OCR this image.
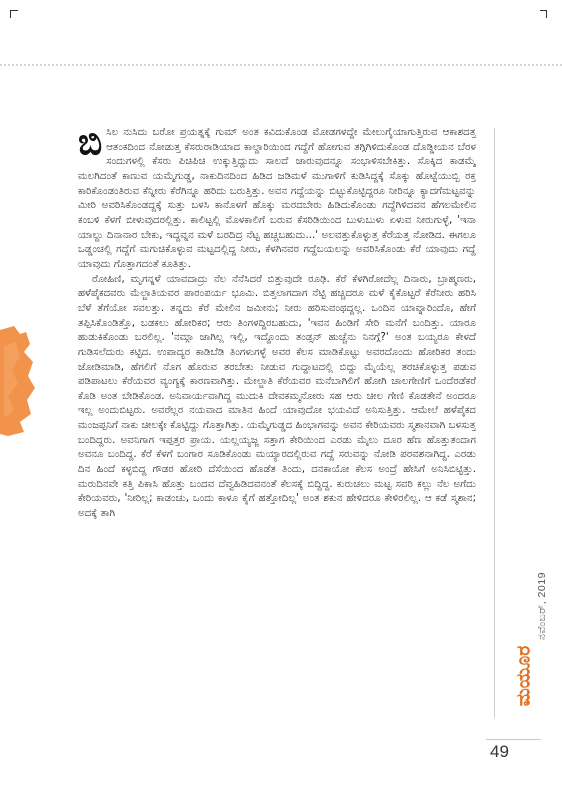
ಬಿಸಿಲ ನುಸಿದು ಬರೋ ಪ್ರಯತ್ನಕ್ಕೆ ಗುಮ್ ಅಂತ ಕವಿದುಕೊಂಡ ಮೋಡಗಳದ್ದೇ ಮೇಲುಗೈಯಾಗುತ್ತಿರುವ ಆಕಾಶದತ್ತ ಆತಂಕದಿಂದ ನೋಡುತ್ತ ಕೆಸರುರಾಡಿಯಾದ ಕಾಲ್ದಾರಿಯಿಂದ ಗದ್ದೆಗೆ ಹೋಗುವ ತಗ್ಗಿಗಿಳಿದುಕೊಂಡ ದೊಡ್ಡೀಯನ ಬೆರಳ ಸಂದುಗಳಲ್ಲಿ ಕೆಸರು ಪಿಚಿಪಿಚಿ ಉಕ್ಕುತ್ತಿದ್ದುದು ಸಾಲದೆ ಜಾರುವುದನ್ನೂ ಸಂಭಾಳಿಸಬೇಕಿತ್ತು. ಸೊಕ್ಕಿದ ಕಾಡಮ್ಮೆ ಮಲಗಿದಂತೆ ಕಾಣುವ ಯಮ್ಮೆಗುಡ್ಡ, ನಾಕುದಿನದಿಂದ ಹಿಡಿದ ಜಡಿಮಳೆ ಮುಗಾಳಿಗೆ ಕುಡಿಸಿದ್ದಕ್ಕೆ ಸೊಕ್ಕು ಹೊಟ್ಟೆಯುಬ್ಬಿ ರಕ್ತ ಕಾರಿಕೊಂಡಂತಿರುವ ಕೆನ್ನೀರು ಕೆರೆಗಿನ್ನೂ ಹರಿದು ಬರುತ್ತಿತ್ತು. ಅವನ ಗದ್ದೆಯನ್ನು ಬಿಟ್ಟುಕೊಟ್ಟಿದ್ದರೂ ನೀರಿನ್ನೂ ಕ್ಯಾದಗೆಮಟ್ಟವನ್ನು ಮೀರಿ ಅವರಿಸಿಕೊಂಡದ್ದಕ್ಕೆ ಸುತ್ತು ಬಳಸಿ ಕಾನೊಳಗೆ ಹೊಕ್ಕು ಮರದಬೇರು ಹಿಡಿದುಕೊಂಡು ಗದ್ದೆಗಿಳಿದವನ ಹೆಗಲಮೇಲಿನ ಕಂಬಳಿ ಕೆಳಗೆ ಬೀಳುವುದರಲ್ಲಿತ್ತು. ಕಾಲಿಟ್ಟಲ್ಲಿ ಮೊಳಕಾಲಿಗೆ ಬರುವ ಕೆಸರಿಡಿಯಿಂದ ಬುಳುಬುಳು ಏಳುವ ನೀರುಗುಳ್ಳೆ, 'ಇನಾ ಯಾಲ್ದು ದಿನಾನಾರ ಬೇಕು, ಇದ್ದವ್ನನ ಮಳೆ ಬರದಿದ್ರ ನೆಟ್ಟ ಹಚ್ಚಬಹುದು...' ಅಲವತ್ತುಕೊಳ್ಳುತ್ತ ಕೆರೆಯತ್ತ ನೋಡಿದ. ಈಗಲೂ ಒಡ್ಡಂಚಲ್ಲಿ ಗದ್ದೆಗೆ ಮಗುಚಿಕೊಳ್ಳುವ ಮಟ್ಟದಲ್ಲಿದ್ದ ನೀರು, ಕೆಳಗಿನವರ ಗದ್ದೆಬಯಲನ್ನು ಅವರಿಸಿಕೊಂಡು ಕೆರೆ ಯಾವುದು ಗದ್ದೆ ಯಾವುದು ಗೊತ್ತಾಗದಂತೆ ಕೂತಿತ್ತು.

ರೋಹಿಣಿ, ಮೃಗನ್ನಳೆ ಯಾವದಾದ್ರು ನೆಲ ನೆನೆಸಿದರೆ ಬಿತ್ತುವುದೇ ರೂಢಿ. ಕೆರೆ ಕೆಳಗಿರೋದೆಲ್ಲ ದಿನಾರು, ಬ್ರಾಹ್ಮಣರು, ಹಳೆಪೈಕದವರು ಮೆಲ್ಜಾತಿಯವರ ಪಾರಂಪರ್ಯ ಭೂಮಿ. ಬಿತ್ತಲಾಗದಾಗ ನೆಟ್ಟಿ ಹಚ್ಚಿದರೂ ಮಳೆ ಕೈಕೊಟ್ಟರೆ ಕೆರೆನೀರು ಹರಿಸಿ ಬೆಳೆ ತೆಗೆಯೋ ಸವಲತ್ತು. ತನ್ನದು ಕೆರೆ ಮೇಲಿನ ಜಮೀನು; ನೀರು ಹರಿಸುವಂಥದ್ದಲ್ಲ. ಒಂದಿನ ಯಾವ್ನಾರಿಂದೊ, ಹೇಗೆ ತಪ್ಪಿಸಿಕೊಂಡಿತ್ತೊ, ಬಡಕಲು ಹೋರಿಕರ; ಆರು ತಿಂಗಳದ್ದಿರಬಹುದು, 'ಇವನ ಹಿಂಡಿಗೆ ಸೇರಿ ಮನೆಗೆ ಬಂದಿತ್ತು. ಯಾರೂ ಹುಡುಕಿಕೊಂಡು ಬರಲಿಲ್ಲ. 'ನಮ್ಗಾ ಜಾಗಿಲ್ಲ ಇಲ್ಲಿ, ಇದ್ದೊಂದು ತಂಡ್ಸನ್ ಹುಚ್ಚೆನು ನಿನಗ್ಗೆ?' ಅಂತ ಬಯ್ಯರೂ ಕೇಳದೆ ಗುಡಿಸಲೆದುರು ಕಟ್ಟಿದ. ಉಪಾದ್ಯರ ಕಾಡಿಬೆಡಿ ತಿಂಗಳುಗಳ್ಳೆ ಅವರ ಕೆಲಸ ಮಾಡಿಕೊಟ್ಟು ಅವರದೊಂದು ಹೋರಿಕರ ತಂದು ಜೋಡಿಮಾಡಿ, ಹೆಗಲಿಗೆ ನೊಗ ಹೊರುವ ತರಬೇತು ನೀಡುವ ಗುದ್ದಾಟದಲ್ಲಿ ಬಿದ್ದು ಮೈಯೆಲ್ಲ ತರಚಿಕೊಳ್ಳುತ್ತ ಪಡುವ ಪಡಿಪಾಟಲು ಕೆರೆಯವರ ವ್ಯಂಗ್ಯಕ್ಕೆ ಕಾರಣವಾಗಿತ್ತು. ಮೇಲ್ಜಾತಿ ಕೆರೆಯವರ ಮನೆಬಾಗಿಲಿಗೆ ಹೋಗಿ ಚಾಲಗೇಣಿಗೆ ಒಂದೆರಡೆಕರೆ ಕೊಡಿ ಅಂತ ಬೇಡಿಕೊಂಡ. ಅನಿವಾರ್ಯವಾಗಿದ್ದ ಮುದುಕಿ ದೇವಕಮ್ಮನೋರು ಸಹ ಆರು ಚೀಲ ಗೇಣಿ ಕೊಡತೇನೆ ಅಂದರೂ ಇಲ್ಲ ಅಂದುಬಿಟ್ಟರು. ಅವರೆಲ್ಲರ ನಯವಾದ ಮಾತಿನ ಹಿಂದೆ ಯಾವುದೋ ಭಯವಿದೆ ಅನಿಸುತ್ತಿತ್ತು. ಆಮೇಲೆ ಹಳೆಪೈಕದ ಮಂಜಪ್ಪನಿಗೆ ನಾಕು ಚೀಲಕ್ಕೇ ಕೊಟ್ಟಿದ್ದು ಗೊತ್ತಾಗಿತ್ತು. ಯಮ್ಮೆಗುಡ್ಡದ ಹಿಂಭಾಗವನ್ನು ಅವನ ಕೇರಿಯವರು ಸ್ಮಶಾನವಾಗಿ ಬಳಸುತ್ತ ಬಂದಿದ್ದರು. ಅವನಿಗಾಗ ಇಪ್ಪತ್ತರ ಪ್ರಾಯ. ಯಲ್ಲಯ್ಯಜ್ಜ ಸತ್ತಾಗ ಕೇರಿಯಿಂದ ಎರಡು ಮೈಲು ದೂರ ಹೆಣ ಹೊತ್ತುತಂದಾಗ ಅವನೂ ಬಂದಿದ್ದ. ಕೆರೆ ಕೆಳಗೆ ಬಂಗಾರ ಸೂಡಿಕೊಂಡು ಮಯ್ಯಾರದಲ್ಲಿರುವ ಗದ್ದೆ ಸರುವನ್ನು ನೋಡಿ ಪರವಶನಾಗಿದ್ದ. ಎರಡು ದಿನ ಹಿಂದೆ ಕಳ್ಳಬಿದ್ದ ಗೌಡರ ಹೋರಿ ದೆಸೆಯಿಂದ ಹೊಡೆತ ತಿಂದು, ದನಕಾಯೋ ಕೆಲಸ ಅಂದ್ರೆ ಹೇಸಿಗೆ ಅನಿಸಿಬಿಟ್ಟಿತ್ತು. ಮರುದಿನವೇ ಕತ್ತಿ ಪಿಕಾಸಿ ಹೊತ್ತು ಬಂದವ ದೆವ್ವಹಿಡಿದವನಂತೆ ಕೆಲಸಕ್ಕೆ ಬಿದ್ದಿದ್ದ. ಕುರುಚಲು ಮಟ್ಟ ಸವರಿ ಕಲ್ಲು ನೆಲ ಅಗೆದು ಕೇರಿಯವರು, 'ನೀರಿಲ್ಲ; ಕಾಡಂಚು, ಒಂದು ಕಾಳೂ ಕೈಗೆ ಹತ್ತೋದಿಲ್ಲ' ಅಂತ ಶಕುನ ಹೇಳಿದರೂ ಕೇಳಿರಲಿಲ್ಲ. ಆ ಕಡೆ ಸ್ಮಶಾನ; ಅದಕ್ಕೆ ತಾಗಿ

ನವೆಂಬರ್, 2019
ಮಯೂರ
49
